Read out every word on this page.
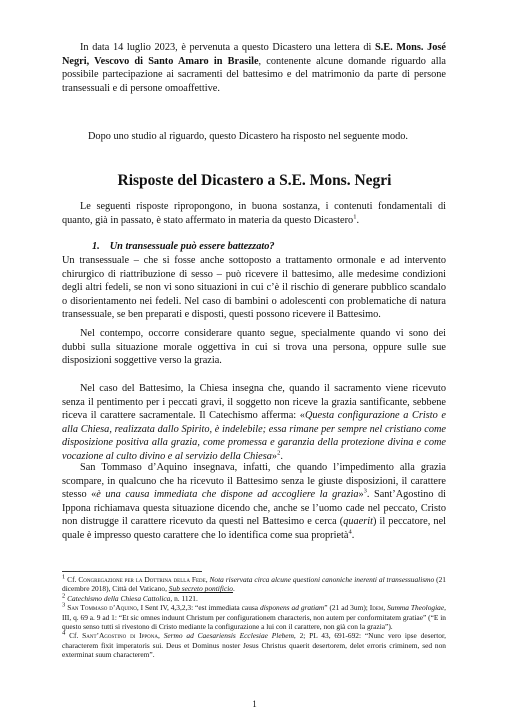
In data 14 luglio 2023, è pervenuta a questo Dicastero una lettera di S.E. Mons. José Negri, Vescovo di Santo Amaro in Brasile, contenente alcune domande riguardo alla possibile partecipazione ai sacramenti del battesimo e del matrimonio da parte di persone transessuali e di persone omoaffettive.

Dopo uno studio al riguardo, questo Dicastero ha risposto nel seguente modo.

Risposte del Dicastero a S.E. Mons. Negri

Le seguenti risposte ripropongono, in buona sostanza, i contenuti fondamentali di quanto, già in passato, è stato affermato in materia da questo Dicastero$^1$.

1. Un transessuale può essere battezzato?

Un transessuale – che si fosse anche sottoposto a trattamento ormonale e ad intervento chirurgico di riattribuzione di sesso – può ricevere il battesimo, alle medesime condizioni degli altri fedeli, se non vi sono situazioni in cui c’è il rischio di generare pubblico scandalo o disorientamento nei fedeli. Nel caso di bambini o adolescenti con problematiche di natura transessuale, se ben preparati e disposti, questi possono ricevere il Battesimo.

Nel contempo, occorre considerare quanto segue, specialmente quando vi sono dei dubbi sulla situazione morale oggettiva in cui si trova una persona, oppure sulle sue disposizioni soggettive verso la grazia.

Nel caso del Battesimo, la Chiesa insegna che, quando il sacramento viene ricevuto senza il pentimento per i peccati gravi, il soggetto non riceve la grazia santificante, sebbene riceva il carattere sacramentale. Il Catechismo afferma: «Questa configurazione a Cristo e alla Chiesa, realizzata dallo Spirito, è indelebile; essa rimane per sempre nel cristiano come disposizione positiva alla grazia, come promessa e garanzia della protezione divina e come vocazione al culto divino e al servizio della Chiesa»$^2$.

San Tommaso d’Aquino insegnava, infatti, che quando l’impedimento alla grazia scompare, in qualcuno che ha ricevuto il Battesimo senza le giuste disposizioni, il carattere stesso «è una causa immediata che dispone ad accogliere la grazia»$^3$. Sant’Agostino di Ippona richiamava questa situazione dicendo che, anche se l’uomo cade nel peccato, Cristo non distrugge il carattere ricevuto da questi nel Battesimo e cerca (quaerit) il peccatore, nel quale è impresso questo carattere che lo identifica come sua proprietà$^4$.

1 Cf. Congregazione per la Dottrina della Fede, Nota riservata circa alcune questioni canoniche inerenti al transessualismo (21 dicembre 2018), Città del Vaticano, Sub secreto pontificio.

2 Catechismo della Chiesa Cattolica, n. 1121.

3 San Tommaso d’Aquino, I Sent IV, 4,3,2,3: “est immediata causa disponens ad gratiam” (21 ad 3um); Idem, Summa Theologiae, III, q. 69 a. 9 ad 1: “Et sic omnes induunt Christum per configurationem characteris, non autem per conformitatem gratiae” (“E in questo senso tutti si rivestono di Cristo mediante la configurazione a lui con il carattere, non già con la grazia”).

4 Cf. Sant’Agostino di Ippona, Sermo ad Caesariensis Ecclesiae Plebem, 2; PL 43, 691-692: “Nunc vero ipse desertor, characterem fixit imperatoris sui. Deus et Dominus noster Jesus Christus quaerit desertorem, delet erroris criminem, sed non exterminat suum characterem”.

1
